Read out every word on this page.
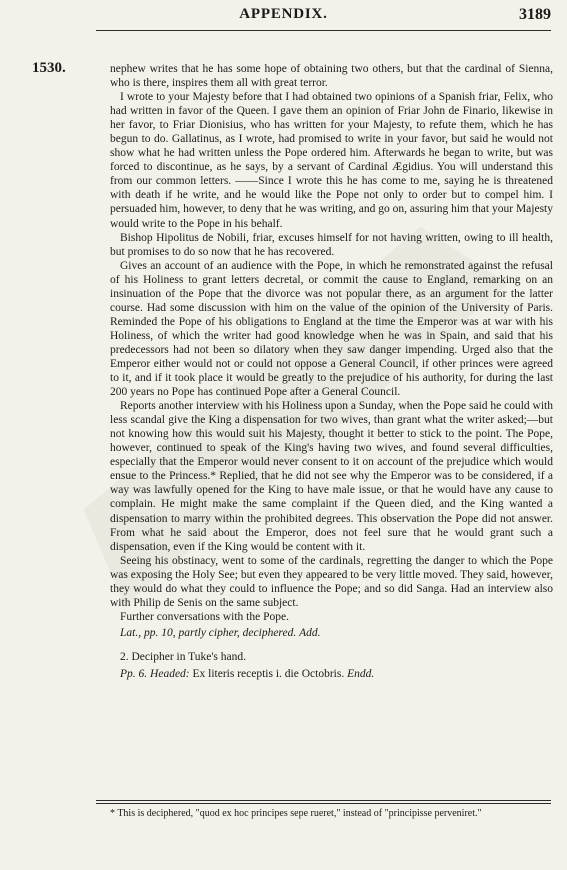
APPENDIX.	3189
1530.	nephew writes that he has some hope of obtaining two others, but that the cardinal of Sienna, who is there, inspires them all with great terror.

I wrote to your Majesty before that I had obtained two opinions of a Spanish friar, Felix, who had written in favor of the Queen. I gave them an opinion of Friar John de Finario, likewise in her favor, to Friar Dionisius, who has written for your Majesty, to refute them, which he has begun to do. Gallatinus, as I wrote, had promised to write in your favor, but said he would not show what he had written unless the Pope ordered him. Afterwards he began to write, but was forced to discontinue, as he says, by a servant of Cardinal Ægidius. You will understand this from our common letters. ——Since I wrote this he has come to me, saying he is threatened with death if he write, and he would like the Pope not only to order but to compel him. I persuaded him, however, to deny that he was writing, and go on, assuring him that your Majesty would write to the Pope in his behalf.

Bishop Hipolitus de Nobili, friar, excuses himself for not having written, owing to ill health, but promises to do so now that he has recovered.

Gives an account of an audience with the Pope, in which he remonstrated against the refusal of his Holiness to grant letters decretal, or commit the cause to England, remarking on an insinuation of the Pope that the divorce was not popular there, as an argument for the latter course. Had some discussion with him on the value of the opinion of the University of Paris. Reminded the Pope of his obligations to England at the time the Emperor was at war with his Holiness, of which the writer had good knowledge when he was in Spain, and said that his predecessors had not been so dilatory when they saw danger impending. Urged also that the Emperor either would not or could not oppose a General Council, if other princes were agreed to it, and if it took place it would be greatly to the prejudice of his authority, for during the last 200 years no Pope has continued Pope after a General Council.

Reports another interview with his Holiness upon a Sunday, when the Pope said he could with less scandal give the King a dispensation for two wives, than grant what the writer asked;—but not knowing how this would suit his Majesty, thought it better to stick to the point. The Pope, however, continued to speak of the King's having two wives, and found several difficulties, especially that the Emperor would never consent to it on account of the prejudice which would ensue to the Princess.* Replied, that he did not see why the Emperor was to be considered, if a way was lawfully opened for the King to have male issue, or that he would have any cause to complain. He might make the same complaint if the Queen died, and the King wanted a dispensation to marry within the prohibited degrees. This observation the Pope did not answer. From what he said about the Emperor, does not feel sure that he would grant such a dispensation, even if the King would be content with it.

Seeing his obstinacy, went to some of the cardinals, regretting the danger to which the Pope was exposing the Holy See; but even they appeared to be very little moved. They said, however, they would do what they could to influence the Pope; and so did Sanga. Had an interview also with Philip de Senis on the same subject.

Further conversations with the Pope.

Lat., pp. 10, partly cipher, deciphered. Add.
2. Decipher in Tuke's hand.
Pp. 6. Headed: Ex literis receptis i. die Octobris. Endd.
* This is deciphered, "quod ex hoc principes sepe rueret," instead of "principisse perveniret."
